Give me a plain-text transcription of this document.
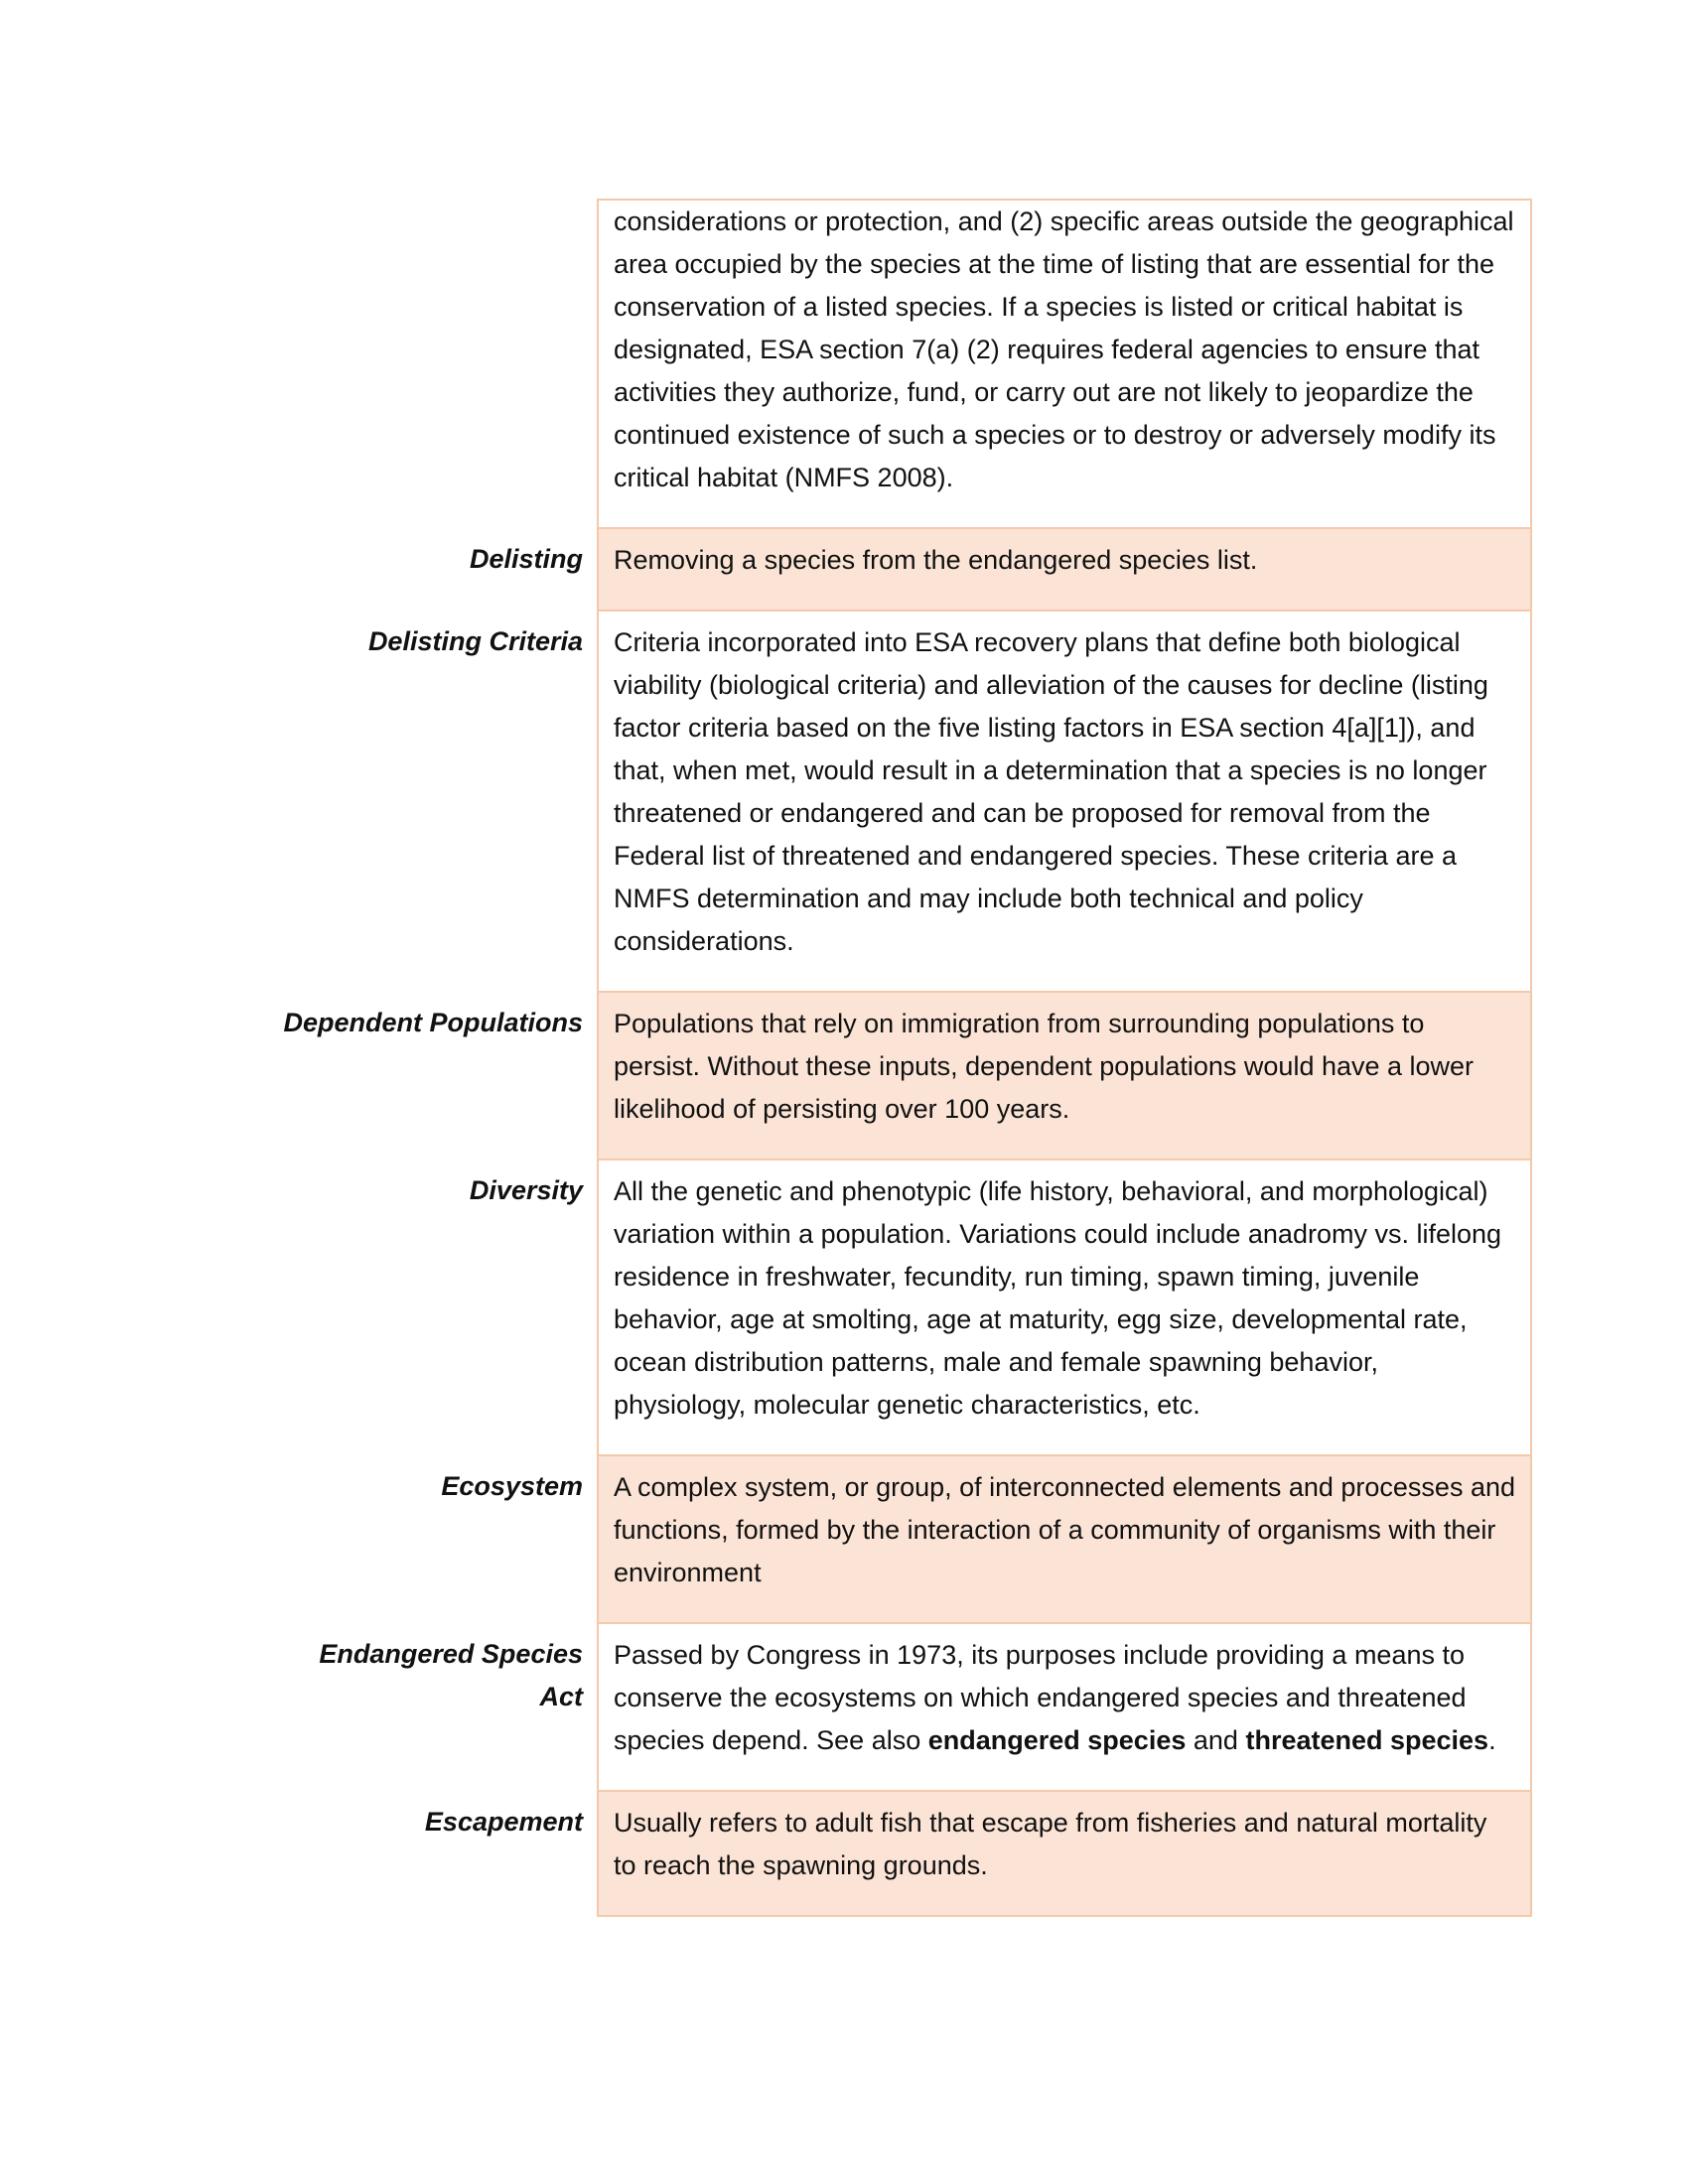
	considerations or protection, and (2) specific areas outside the geographical area occupied by the species at the time of listing that are essential for the conservation of a listed species. If a species is listed or critical habitat is designated, ESA section 7(a) (2) requires federal agencies to ensure that activities they authorize, fund, or carry out are not likely to jeopardize the continued existence of such a species or to destroy or adversely modify its critical habitat (NMFS 2008).
Delisting	Removing a species from the endangered species list.
Delisting Criteria	Criteria incorporated into ESA recovery plans that define both biological viability (biological criteria) and alleviation of the causes for decline (listing factor criteria based on the five listing factors in ESA section 4[a][1]), and that, when met, would result in a determination that a species is no longer threatened or endangered and can be proposed for removal from the Federal list of threatened and endangered species. These criteria are a NMFS determination and may include both technical and policy considerations.
Dependent Populations	Populations that rely on immigration from surrounding populations to persist. Without these inputs, dependent populations would have a lower likelihood of persisting over 100 years.
Diversity	All the genetic and phenotypic (life history, behavioral, and morphological) variation within a population. Variations could include anadromy vs. lifelong residence in freshwater, fecundity, run timing, spawn timing, juvenile behavior, age at smolting, age at maturity, egg size, developmental rate, ocean distribution patterns, male and female spawning behavior, physiology, molecular genetic characteristics, etc.
Ecosystem	A complex system, or group, of interconnected elements and processes and functions, formed by the interaction of a community of organisms with their environment
Endangered Species Act	Passed by Congress in 1973, its purposes include providing a means to conserve the ecosystems on which endangered species and threatened species depend. See also endangered species and threatened species.
Escapement	Usually refers to adult fish that escape from fisheries and natural mortality to reach the spawning grounds.
